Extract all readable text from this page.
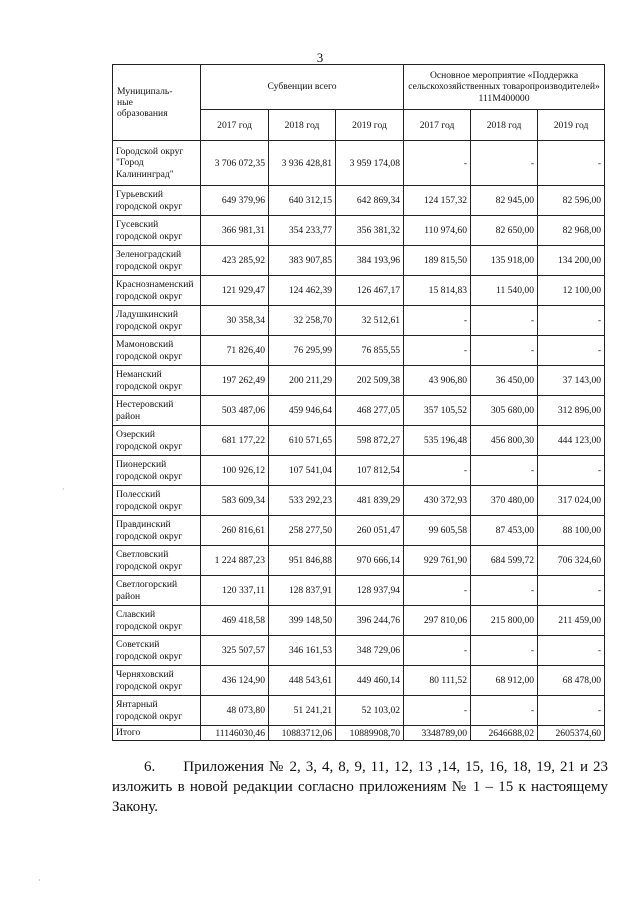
3
Муниципаль-
ные
образования	Субвенции всего			Основное мероприятие «Поддержка сельскохозяйственных товаропроизводителей» 111М400000		
	2017 год	2018 год	2019 год	2017 год	2018 год	2019 год
Городской округ "Город Калининград"	3 706 072,35	3 936 428,81	3 959 174,08	-	-	-
Гурьевский городской округ	649 379,96	640 312,15	642 869,34	124 157,32	82 945,00	82 596,00
Гусевский городской округ	366 981,31	354 233,77	356 381,32	110 974,60	82 650,00	82 968,00
Зеленоградский городской округ	423 285,92	383 907,85	384 193,96	189 815,50	135 918,00	134 200,00
Краснознаменский городской округ	121 929,47	124 462,39	126 467,17	15 814,83	11 540,00	12 100,00
Ладушкинский городской округ	30 358,34	32 258,70	32 512,61	-	-	-
Мамоновский городской округ	71 826,40	76 295,99	76 855,55	-	-	-
Неманский городской округ	197 262,49	200 211,29	202 509,38	43 906,80	36 450,00	37 143,00
Нестеровский район	503 487,06	459 946,64	468 277,05	357 105,52	305 680,00	312 896,00
Озерский городской округ	681 177,22	610 571,65	598 872,27	535 196,48	456 800,30	444 123,00
Пионерский городской округ	100 926,12	107 541,04	107 812,54	-	-	-
Полесский городской округ	583 609,34	533 292,23	481 839,29	430 372,93	370 480,00	317 024,00
Правдинский городской округ	260 816,61	258 277,50	260 051,47	99 605,58	87 453,00	88 100,00
Светловский городской округ	1 224 887,23	951 846,88	970 666,14	929 761,90	684 599,72	706 324,60
Светлогорский район	120 337,11	128 837,91	128 937,94	-	-	-
Славский городской округ	469 418,58	399 148,50	396 244,76	297 810,06	215 800,00	211 459,00
Советский городской округ	325 507,57	346 161,53	348 729,06	-	-	-
Черняховский городской округ	436 124,90	448 543,61	449 460,14	80 111,52	68 912,00	68 478,00
Янтарный городской округ	48 073,80	51 241,21	52 103,02	-	-	-
Итого	11146030,46	10883712,06	10889908,70	3348789,00	2646688,02	2605374,60
6. Приложения № 2, 3, 4, 8, 9, 11, 12, 13 ,14, 15, 16, 18, 19, 21 и 23 изложить в новой редакции согласно приложениям № 1 – 15 к настоящему Закону.
·
·
